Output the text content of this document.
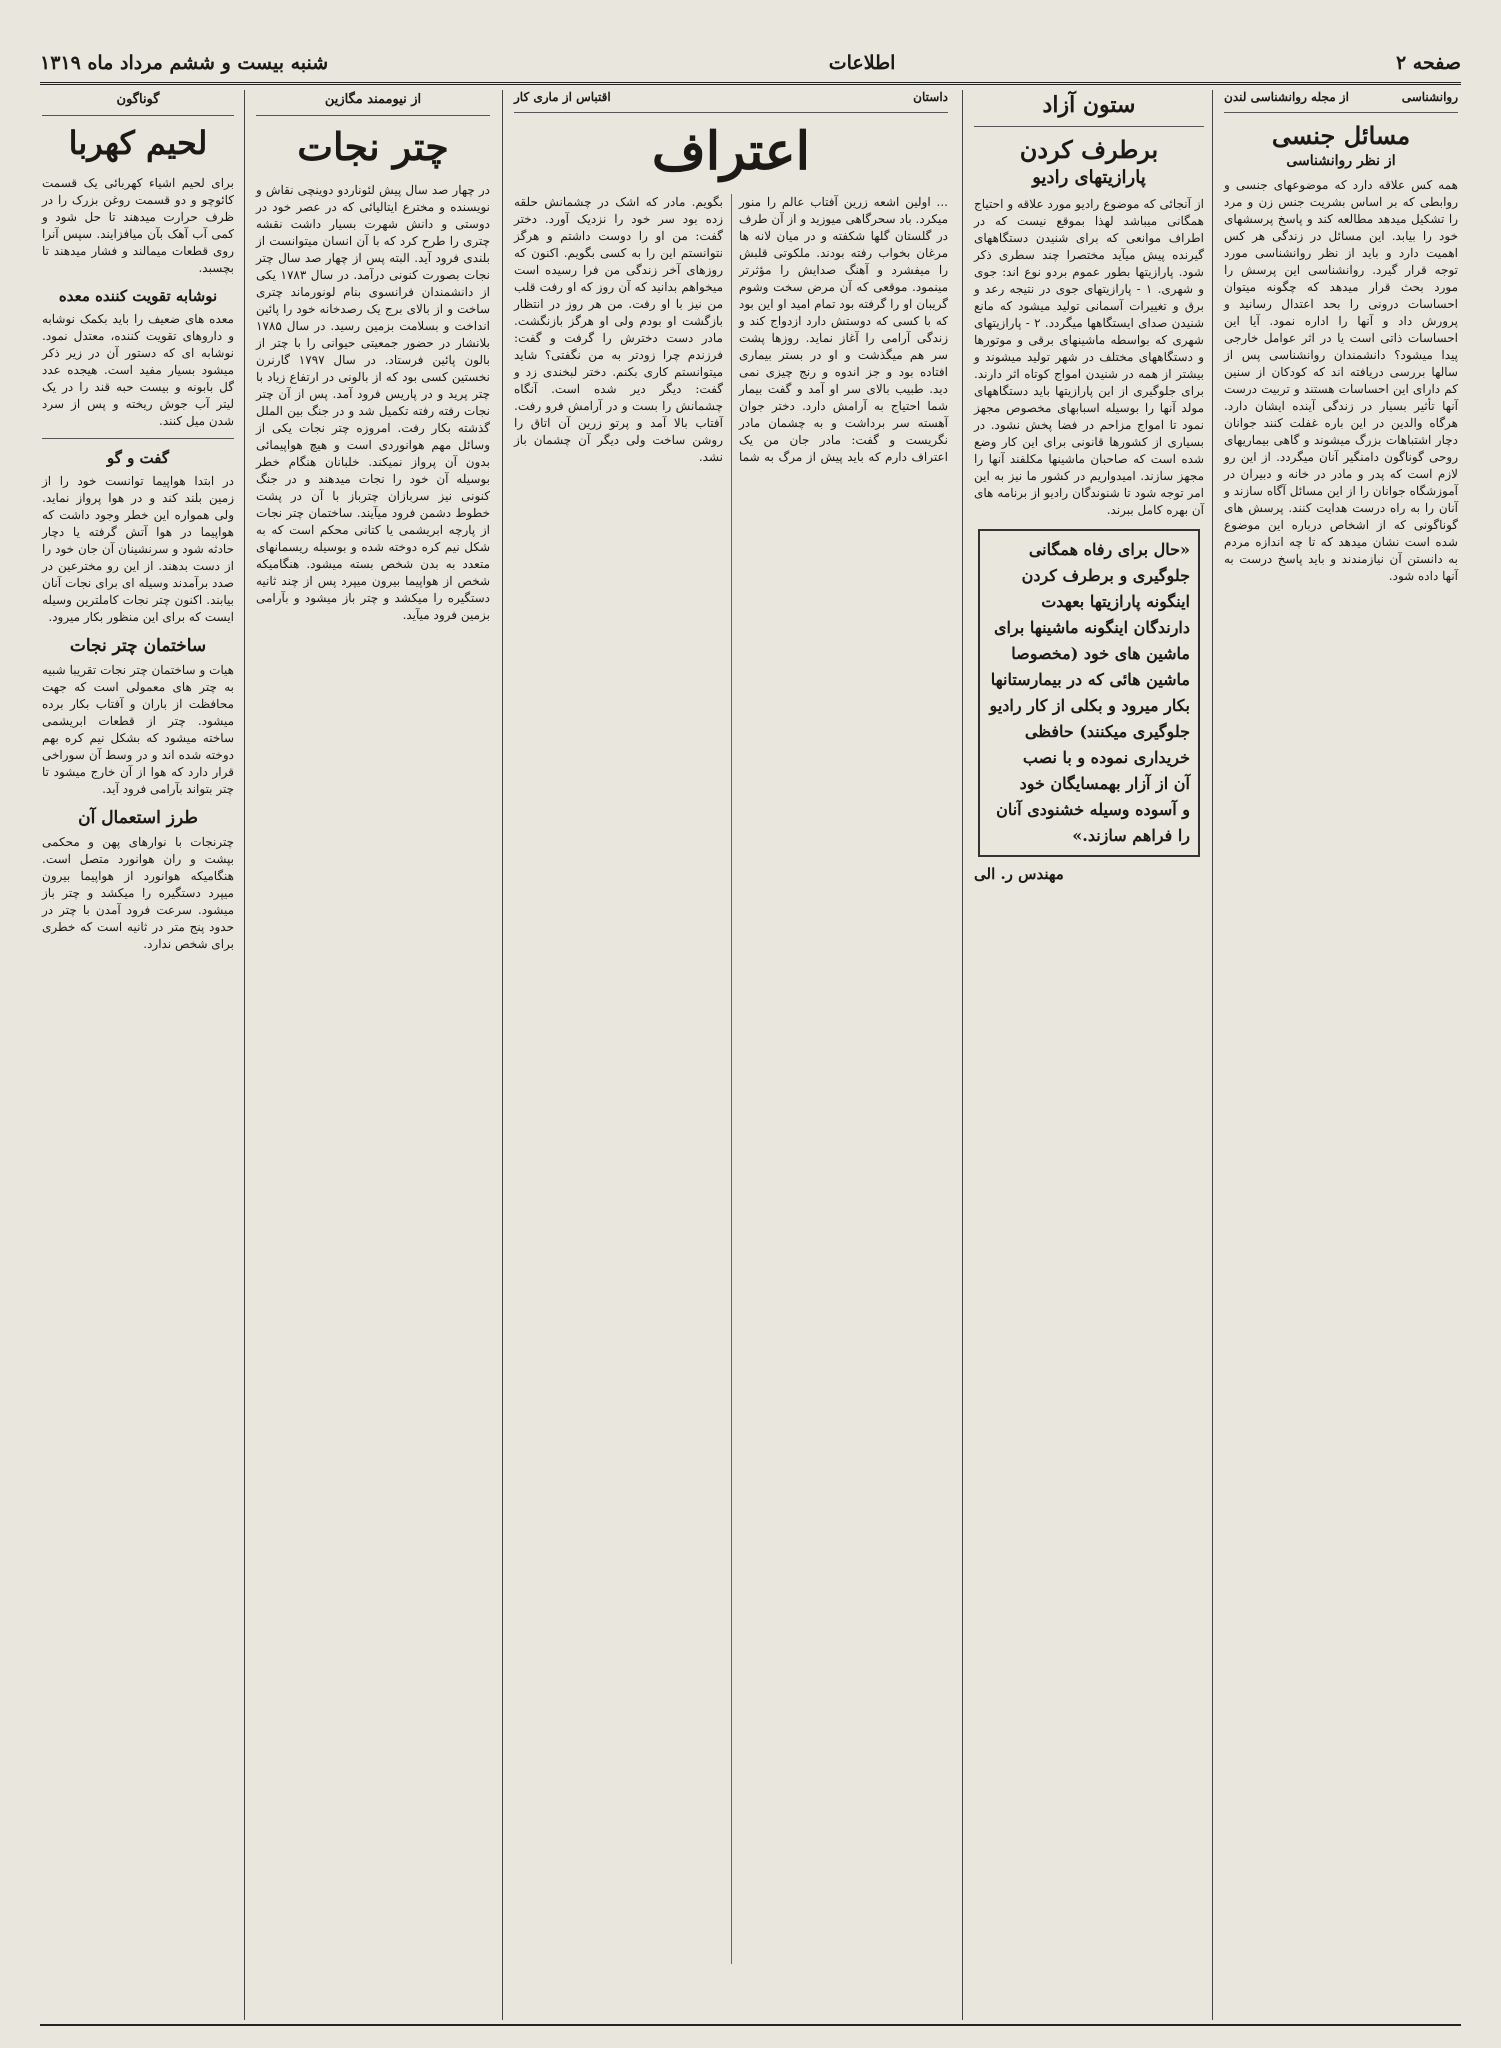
صفحه ۲
اطلاعات
شنبه بیست و ششم مرداد ماه ۱۳۱۹
روانشناسی
از مجله روانشناسی لندن
مسائل جنسی
از نظر روانشناسی

همه کس علاقه دارد که موضوعهای جنسی و روابطی که بر اساس بشریت جنس زن و مرد را تشکیل میدهد مطالعه کند و پاسخ پرسشهای خود را بیابد. این مسائل در زندگی هر کس اهمیت دارد و باید از نظر روانشناسی مورد توجه قرار گیرد. روانشناسی این پرسش را مورد بحث قرار میدهد که چگونه میتوان احساسات درونی را بحد اعتدال رسانید و پرورش داد و آنها را اداره نمود. آیا این احساسات ذاتی است یا در اثر عوامل خارجی پیدا میشود؟ دانشمندان روانشناسی پس از سالها بررسی دریافته اند که کودکان از سنین کم دارای این احساسات هستند و تربیت درست آنها تأثیر بسیار در زندگی آینده ایشان دارد. هرگاه والدین در این باره غفلت کنند جوانان دچار اشتباهات بزرگ میشوند و گاهی بیماریهای روحی گوناگون دامنگیر آنان میگردد. از این رو لازم است که پدر و مادر در خانه و دبیران در آموزشگاه جوانان را از این مسائل آگاه سازند و آنان را به راه درست هدایت کنند. پرسش های گوناگونی که از اشخاص درباره این موضوع شده است نشان میدهد که تا چه اندازه مردم به دانستن آن نیازمندند و باید پاسخ درست به آنها داده شود.

ستون آزاد
برطرف کردن
پارازیتهای رادیو

از آنجائی که موضوع رادیو مورد علاقه و احتیاج همگانی میباشد لهذا بموقع نیست که در اطراف موانعی که برای شنیدن دستگاههای گیرنده پیش میآید مختصرا چند سطری ذکر شود. پارازیتها بطور عموم بردو نوع اند: جوی و شهری. ۱ - پارازیتهای جوی در نتیجه رعد و برق و تغییرات آسمانی تولید میشود که مانع شنیدن صدای ایستگاهها میگردد. ۲ - پارازیتهای شهری که بواسطه ماشینهای برقی و موتورها و دستگاههای مختلف در شهر تولید میشوند و بیشتر از همه در شنیدن امواج کوتاه اثر دارند. برای جلوگیری از این پارازیتها باید دستگاههای مولد آنها را بوسیله اسبابهای مخصوص مجهز نمود تا امواج مزاحم در فضا پخش نشود. در بسیاری از کشورها قانونی برای این کار وضع شده است که صاحبان ماشینها مکلفند آنها را مجهز سازند. امیدواریم در کشور ما نیز به این امر توجه شود تا شنوندگان رادیو از برنامه های آن بهره کامل ببرند.

«حال برای رفاه همگانی
جلوگیری و برطرف کردن
اینگونه پارازیتها بعهدت
دارندگان اینگونه ماشینها برای
ماشین های خود (مخصوصا
ماشین هائی که در بیمارستانها
بکار میرود و بکلی از کار رادیو
جلوگیری میکنند) حافظی
خریداری نموده و با نصب
آن از آزار بهمسایگان خود
و آسوده وسیله خشنودی آنان
را فراهم سازند.»
مهندس ر. الی
داستان
اقتباس از ماری کار
اعتراف

... اولین اشعه زرین آفتاب عالم را منور میکرد. باد سحرگاهی میوزید و از آن طرف در گلستان گلها شکفته و در میان لانه ها مرغان بخواب رفته بودند. ملکوتی قلبش را میفشرد و آهنگ صدایش را مؤثرتر مینمود. موقعی که آن مرض سخت وشوم گریبان او را گرفته بود تمام امید او این بود که با کسی که دوستش دارد ازدواج کند و زندگی آرامی را آغاز نماید. روزها پشت سر هم میگذشت و او در بستر بیماری افتاده بود و جز اندوه و رنج چیزی نمی دید. طبیب بالای سر او آمد و گفت بیمار شما احتیاج به آرامش دارد. دختر جوان آهسته سر برداشت و به چشمان مادر نگریست و گفت: مادر جان من یک اعتراف دارم که باید پیش از مرگ به شما بگویم. مادر که اشک در چشمانش حلقه زده بود سر خود را نزدیک آورد. دختر گفت: من او را دوست داشتم و هرگز نتوانستم این را به کسی بگویم. اکنون که روزهای آخر زندگی من فرا رسیده است میخواهم بدانید که آن روز که او رفت قلب من نیز با او رفت. من هر روز در انتظار بازگشت او بودم ولی او هرگز بازنگشت. مادر دست دخترش را گرفت و گفت: فرزندم چرا زودتر به من نگفتی؟ شاید میتوانستم کاری بکنم. دختر لبخندی زد و گفت: دیگر دیر شده است. آنگاه چشمانش را بست و در آرامش فرو رفت. آفتاب بالا آمد و پرتو زرین آن اتاق را روشن ساخت ولی دیگر آن چشمان باز نشد.

از نیوممند مگازین
چتر نجات

در چهار صد سال پیش لئوناردو دوینچی نقاش و نویسنده و مخترع ایتالیائی که در عصر خود در دوستی و دانش شهرت بسیار داشت نقشه چتری را طرح کرد که با آن انسان میتوانست از بلندی فرود آید. البته پس از چهار صد سال چتر نجات بصورت کنونی درآمد. در سال ۱۷۸۳ یکی از دانشمندان فرانسوی بنام لونورماند چتری ساخت و از بالای برج یک رصدخانه خود را پائین انداخت و بسلامت بزمین رسید. در سال ۱۷۸۵ بلانشار در حضور جمعیتی حیوانی را با چتر از بالون پائین فرستاد. در سال ۱۷۹۷ گارنرن نخستین کسی بود که از بالونی در ارتفاع زیاد با چتر پرید و در پاریس فرود آمد. پس از آن چتر نجات رفته رفته تکمیل شد و در جنگ بین الملل گذشته بکار رفت. امروزه چتر نجات یکی از وسائل مهم هوانوردی است و هیچ هواپیمائی بدون آن پرواز نمیکند. خلبانان هنگام خطر بوسیله آن خود را نجات میدهند و در جنگ کنونی نیز سربازان چترباز با آن در پشت خطوط دشمن فرود میآیند. ساختمان چتر نجات از پارچه ابریشمی یا کتانی محکم است که به شکل نیم کره دوخته شده و بوسیله ریسمانهای متعدد به بدن شخص بسته میشود. هنگامیکه شخص از هواپیما بیرون میپرد پس از چند ثانیه دستگیره را میکشد و چتر باز میشود و بآرامی بزمین فرود میآید.

گوناگون
لحیم کهربا

برای لحیم اشیاء کهربائی یک قسمت کائوچو و دو قسمت روغن بزرک را در ظرف حرارت میدهند تا حل شود و کمی آب آهک بآن میافزایند. سپس آنرا روی قطعات میمالند و فشار میدهند تا بچسبد.

نوشابه تقویت کننده معده

معده های ضعیف را باید بکمک نوشابه و داروهای تقویت کننده، معتدل نمود. نوشابه ای که دستور آن در زیر ذکر میشود بسیار مفید است. هیجده عدد گل بابونه و بیست حبه قند را در یک لیتر آب جوش ریخته و پس از سرد شدن میل کنند.

گفت و گو

در ابتدا هواپیما توانست خود را از زمین بلند کند و در هوا پرواز نماید. ولی همواره این خطر وجود داشت که هواپیما در هوا آتش گرفته یا دچار حادثه شود و سرنشینان آن جان خود را از دست بدهند. از این رو مخترعین در صدد برآمدند وسیله ای برای نجات آنان بیابند. اکنون چتر نجات کاملترین وسیله ایست که برای این منظور بکار میرود.

ساختمان چتر نجات

هیات و ساختمان چتر نجات تقریبا شبیه به چتر های معمولی است که جهت محافظت از باران و آفتاب بکار برده میشود. چتر از قطعات ابریشمی ساخته میشود که بشکل نیم کره بهم دوخته شده اند و در وسط آن سوراخی قرار دارد که هوا از آن خارج میشود تا چتر بتواند بآرامی فرود آید.

طرز استعمال آن

چترنجات با نوارهای پهن و محکمی بپشت و ران هوانورد متصل است. هنگامیکه هوانورد از هواپیما بیرون میپرد دستگیره را میکشد و چتر باز میشود. سرعت فرود آمدن با چتر در حدود پنج متر در ثانیه است که خطری برای شخص ندارد.
